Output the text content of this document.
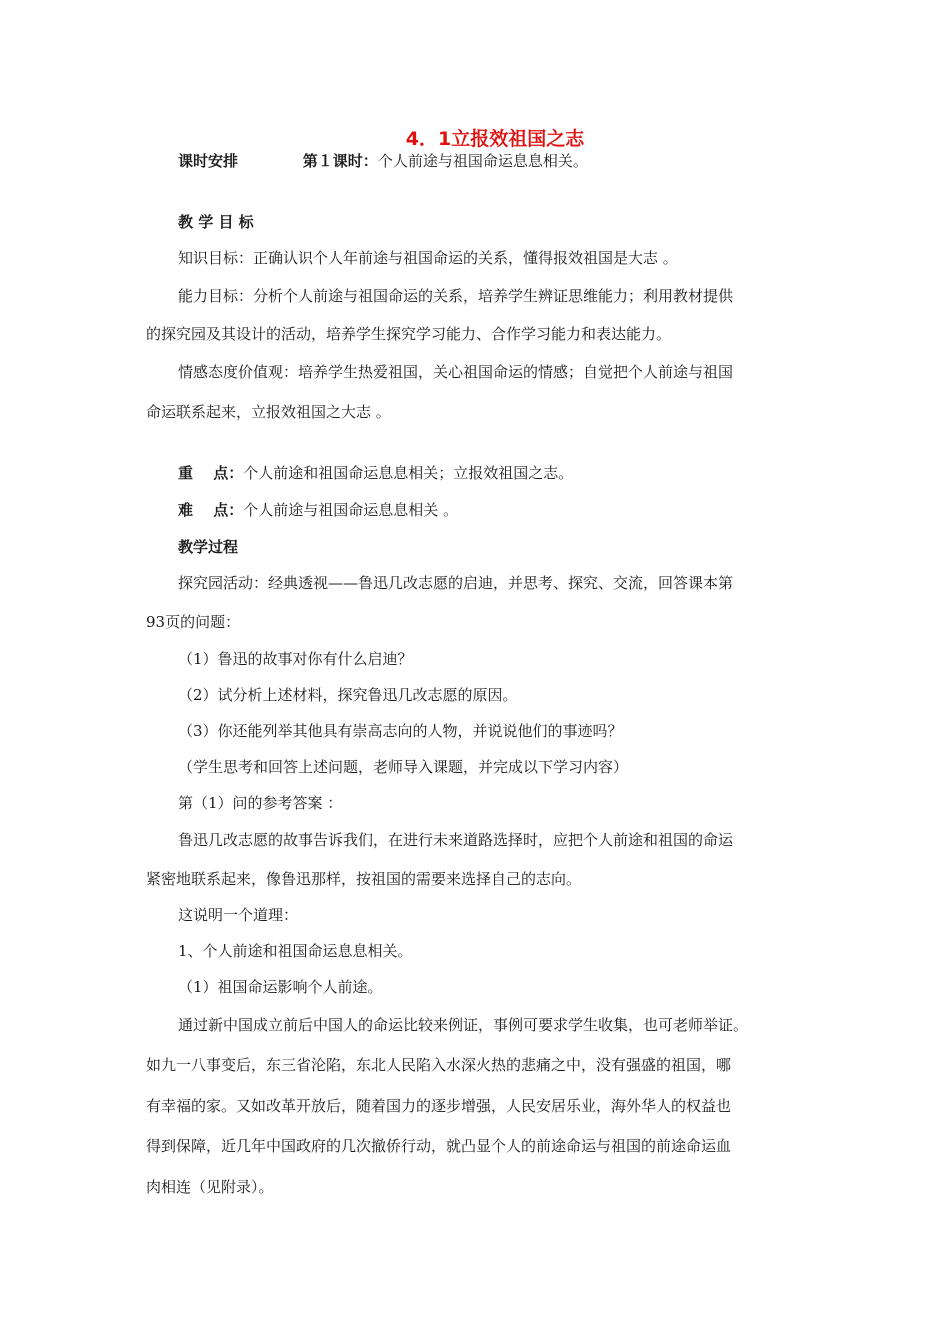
4．1立报效祖国之志
课时安排	第１课时：个人前途与祖国命运息息相关。
教 学 目 标
知识目标：正确认识个人年前途与祖国命运的关系，懂得报效祖国是大志 。
能力目标：分析个人前途与祖国命运的关系，培养学生辨证思维能力；利用教材提供
的探究园及其设计的活动，培养学生探究学习能力、合作学习能力和表达能力。
情感态度价值观：培养学生热爱祖国，关心祖国命运的情感；自觉把个人前途与祖国
命运联系起来，立报效祖国之大志 。
重　 点：个人前途和祖国命运息息相关；立报效祖国之志。
难　 点：个人前途与祖国命运息息相关 。
教学过程
探究园活动：经典透视——鲁迅几改志愿的启迪，并思考、探究、交流，回答课本第
93页的问题：
（1）鲁迅的故事对你有什么启迪？
（2）试分析上述材料，探究鲁迅几改志愿的原因。
（3）你还能列举其他具有崇高志向的人物，并说说他们的事迹吗？
（学生思考和回答上述问题，老师导入课题，并完成以下学习内容）
第（1）问的参考答案 ：
鲁迅几改志愿的故事告诉我们，在进行未来道路选择时，应把个人前途和祖国的命运
紧密地联系起来，像鲁迅那样，按祖国的需要来选择自己的志向。
这说明一个道理：
1、个人前途和祖国命运息息相关。
（1）祖国命运影响个人前途。
通过新中国成立前后中国人的命运比较来例证，事例可要求学生收集，也可老师举证。
如九一八事变后，东三省沦陷，东北人民陷入水深火热的悲痛之中，没有强盛的祖国，哪
有幸福的家。又如改革开放后，随着国力的逐步增强，人民安居乐业，海外华人的权益也
得到保障，近几年中国政府的几次撤侨行动，就凸显个人的前途命运与祖国的前途命运血
肉相连（见附录）。
